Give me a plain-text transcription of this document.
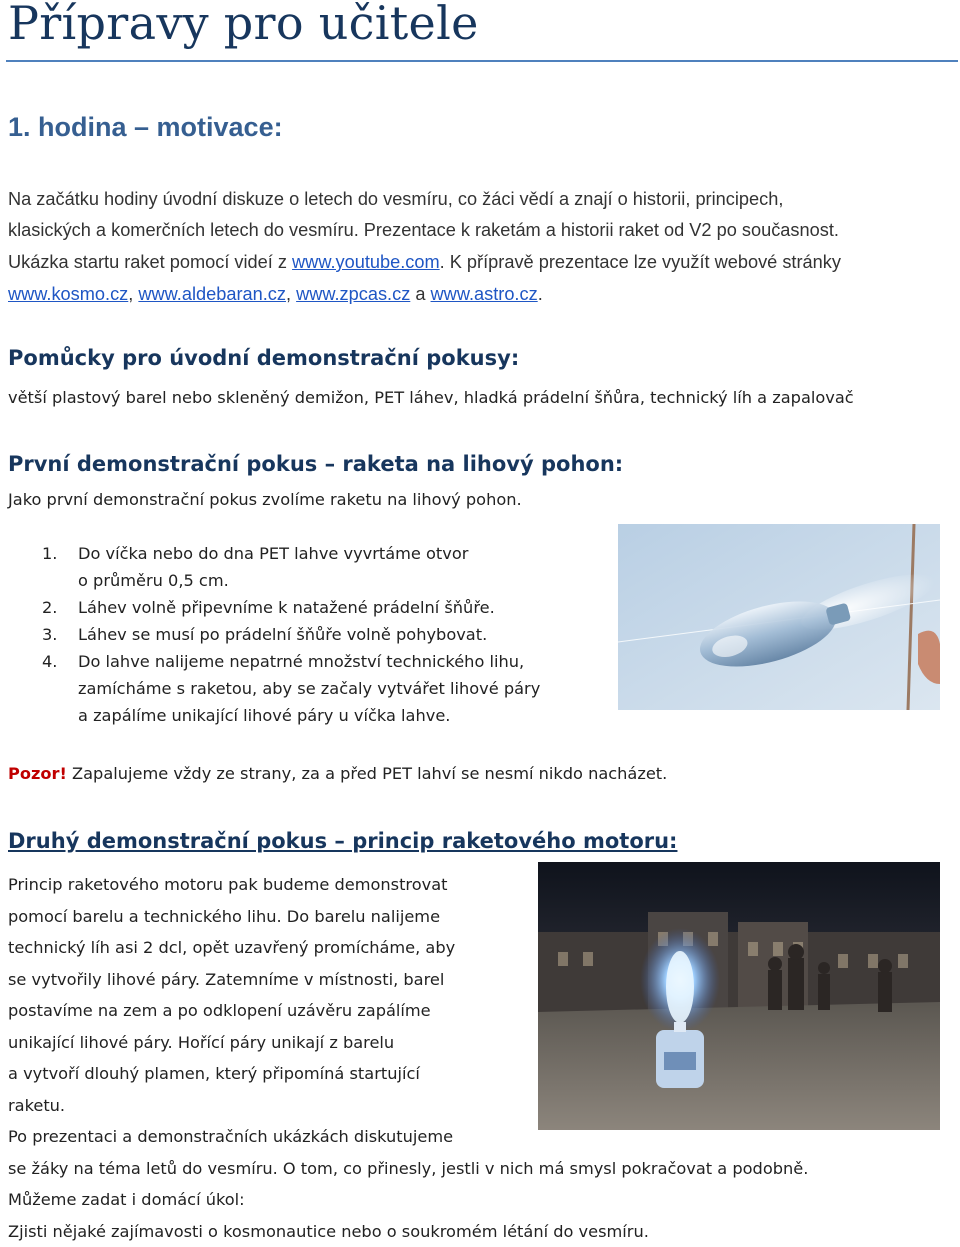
Přípravy pro učitele
1. hodina – motivace:
Na začátku hodiny úvodní diskuze o letech do vesmíru, co žáci vědí a znají o historii, principech,
klasických a komerčních letech do vesmíru. Prezentace k raketám a historii raket od V2 po současnost.
Ukázka startu raket pomocí videí z www.youtube.com. K přípravě prezentace lze využít webové stránky
www.kosmo.cz, www.aldebaran.cz, www.zpcas.cz a www.astro.cz.
Pomůcky pro úvodní demonstrační pokusy:
větší plastový barel nebo skleněný demižon, PET láhev, hladká prádelní šňůra, technický líh a zapalovač
První demonstrační pokus – raketa na lihový pohon:
Jako první demonstrační pokus zvolíme raketu na lihový pohon.
1. Do víčka nebo do dna PET lahve vyvrtáme otvor
o průměru 0,5 cm.
2. Láhev volně připevníme k natažené prádelní šňůře.
3. Láhev se musí po prádelní šňůře volně pohybovat.
4. Do lahve nalijeme nepatrné množství technického lihu,
zamícháme s raketou, aby se začaly vytvářet lihové páry
a zapálíme unikající lihové páry u víčka lahve.
Pozor! Zapalujeme vždy ze strany, za a před PET lahví se nesmí nikdo nacházet.
Druhý demonstrační pokus – princip raketového motoru:
Princip raketového motoru pak budeme demonstrovat
pomocí barelu a technického lihu. Do barelu nalijeme
technický líh asi 2 dcl, opět uzavřený promícháme, aby
se vytvořily lihové páry. Zatemníme v místnosti, barel
postavíme na zem a po odklopení uzávěru zapálíme
unikající lihové páry. Hořící páry unikají z barelu
a vytvoří dlouhý plamen, který připomíná startující
raketu.
Po prezentaci a demonstračních ukázkách diskutujeme
se žáky na téma letů do vesmíru. O tom, co přinesly, jestli v nich má smysl pokračovat a podobně.
Můžeme zadat i domácí úkol:
Zjisti nějaké zajímavosti o kosmonautice nebo o soukromém létání do vesmíru.
